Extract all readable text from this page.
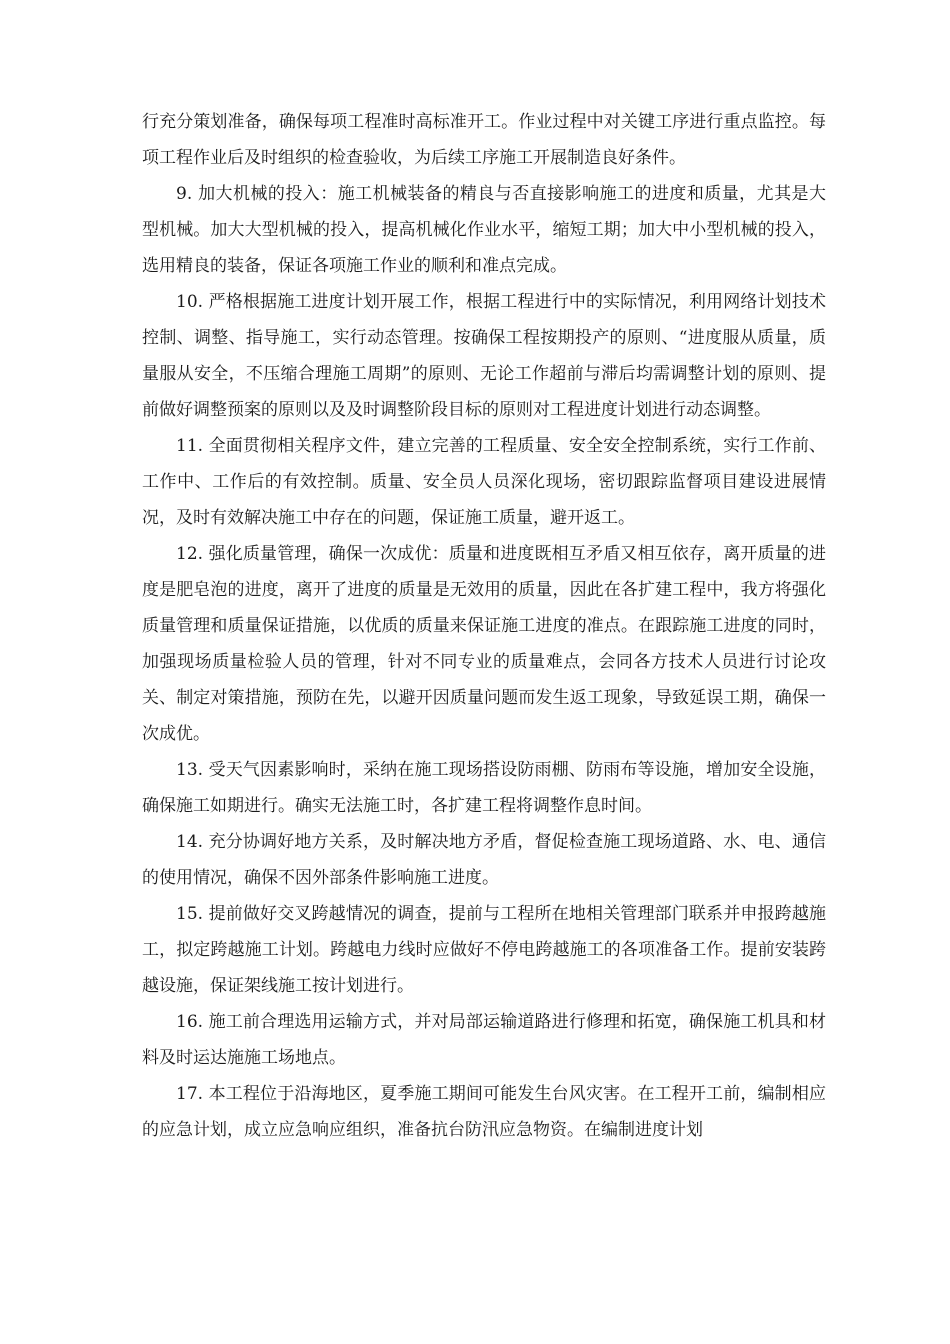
行充分策划准备，确保每项工程准时高标准开工。作业过程中对关键工序进行重点监控。每项工程作业后及时组织的检查验收，为后续工序施工开展制造良好条件。

9. 加大机械的投入：施工机械装备的精良与否直接影响施工的进度和质量，尤其是大型机械。加大大型机械的投入，提高机械化作业水平，缩短工期；加大中小型机械的投入，选用精良的装备，保证各项施工作业的顺利和准点完成。

10. 严格根据施工进度计划开展工作，根据工程进行中的实际情况，利用网络计划技术控制、调整、指导施工，实行动态管理。按确保工程按期投产的原则、“进度服从质量，质量服从安全，不压缩合理施工周期”的原则、无论工作超前与滞后均需调整计划的原则、提前做好调整预案的原则以及及时调整阶段目标的原则对工程进度计划进行动态调整。

11. 全面贯彻相关程序文件，建立完善的工程质量、安全安全控制系统，实行工作前、工作中、工作后的有效控制。质量、安全员人员深化现场，密切跟踪监督项目建设进展情况，及时有效解决施工中存在的问题，保证施工质量，避开返工。

12. 强化质量管理，确保一次成优：质量和进度既相互矛盾又相互依存，离开质量的进度是肥皂泡的进度，离开了进度的质量是无效用的质量，因此在各扩建工程中，我方将强化质量管理和质量保证措施，以优质的质量来保证施工进度的准点。在跟踪施工进度的同时，加强现场质量检验人员的管理，针对不同专业的质量难点，会同各方技术人员进行讨论攻关、制定对策措施，预防在先，以避开因质量问题而发生返工现象，导致延误工期，确保一次成优。

13. 受天气因素影响时，采纳在施工现场搭设防雨棚、防雨布等设施，增加安全设施，确保施工如期进行。确实无法施工时，各扩建工程将调整作息时间。

14. 充分协调好地方关系，及时解决地方矛盾，督促检查施工现场道路、水、电、通信的使用情况，确保不因外部条件影响施工进度。

15. 提前做好交叉跨越情况的调查，提前与工程所在地相关管理部门联系并申报跨越施工，拟定跨越施工计划。跨越电力线时应做好不停电跨越施工的各项准备工作。提前安装跨越设施，保证架线施工按计划进行。

16. 施工前合理选用运输方式，并对局部运输道路进行修理和拓宽，确保施工机具和材料及时运达施施工场地点。

17. 本工程位于沿海地区，夏季施工期间可能发生台风灾害。在工程开工前，编制相应的应急计划，成立应急响应组织，准备抗台防汛应急物资。在编制进度计划
